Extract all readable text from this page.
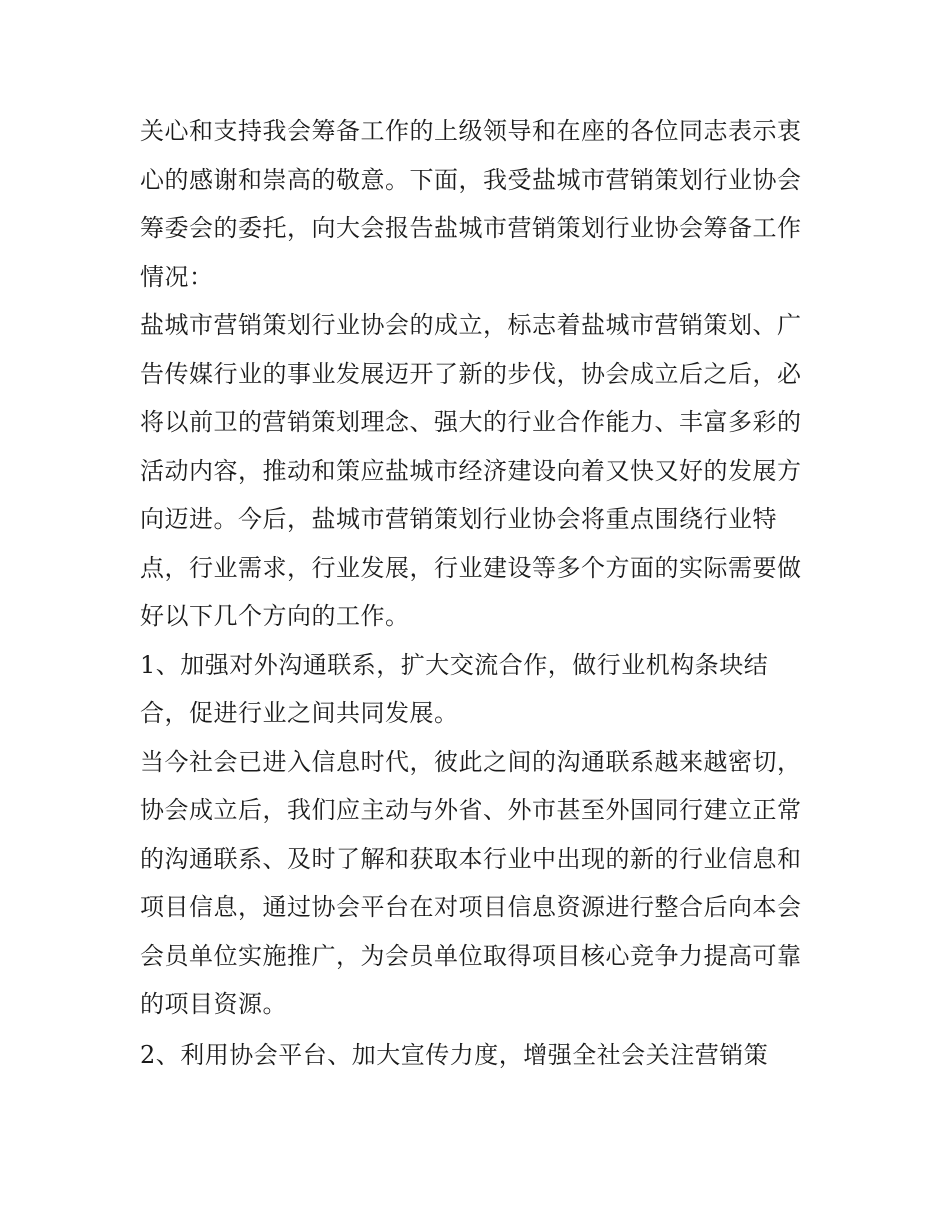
关心和支持我会筹备工作的上级领导和在座的各位同志表示衷
心的感谢和崇高的敬意。下面，我受盐城市营销策划行业协会
筹委会的委托，向大会报告盐城市营销策划行业协会筹备工作
情况：
盐城市营销策划行业协会的成立，标志着盐城市营销策划、广
告传媒行业的事业发展迈开了新的步伐，协会成立后之后，必
将以前卫的营销策划理念、强大的行业合作能力、丰富多彩的
活动内容，推动和策应盐城市经济建设向着又快又好的发展方
向迈进。今后，盐城市营销策划行业协会将重点围绕行业特
点，行业需求，行业发展，行业建设等多个方面的实际需要做
好以下几个方向的工作。
1、加强对外沟通联系，扩大交流合作，做行业机构条块结
合，促进行业之间共同发展。
当今社会已进入信息时代，彼此之间的沟通联系越来越密切，
协会成立后，我们应主动与外省、外市甚至外国同行建立正常
的沟通联系、及时了解和获取本行业中出现的新的行业信息和
项目信息，通过协会平台在对项目信息资源进行整合后向本会
会员单位实施推广，为会员单位取得项目核心竞争力提高可靠
的项目资源。
2、利用协会平台、加大宣传力度，增强全社会关注营销策
